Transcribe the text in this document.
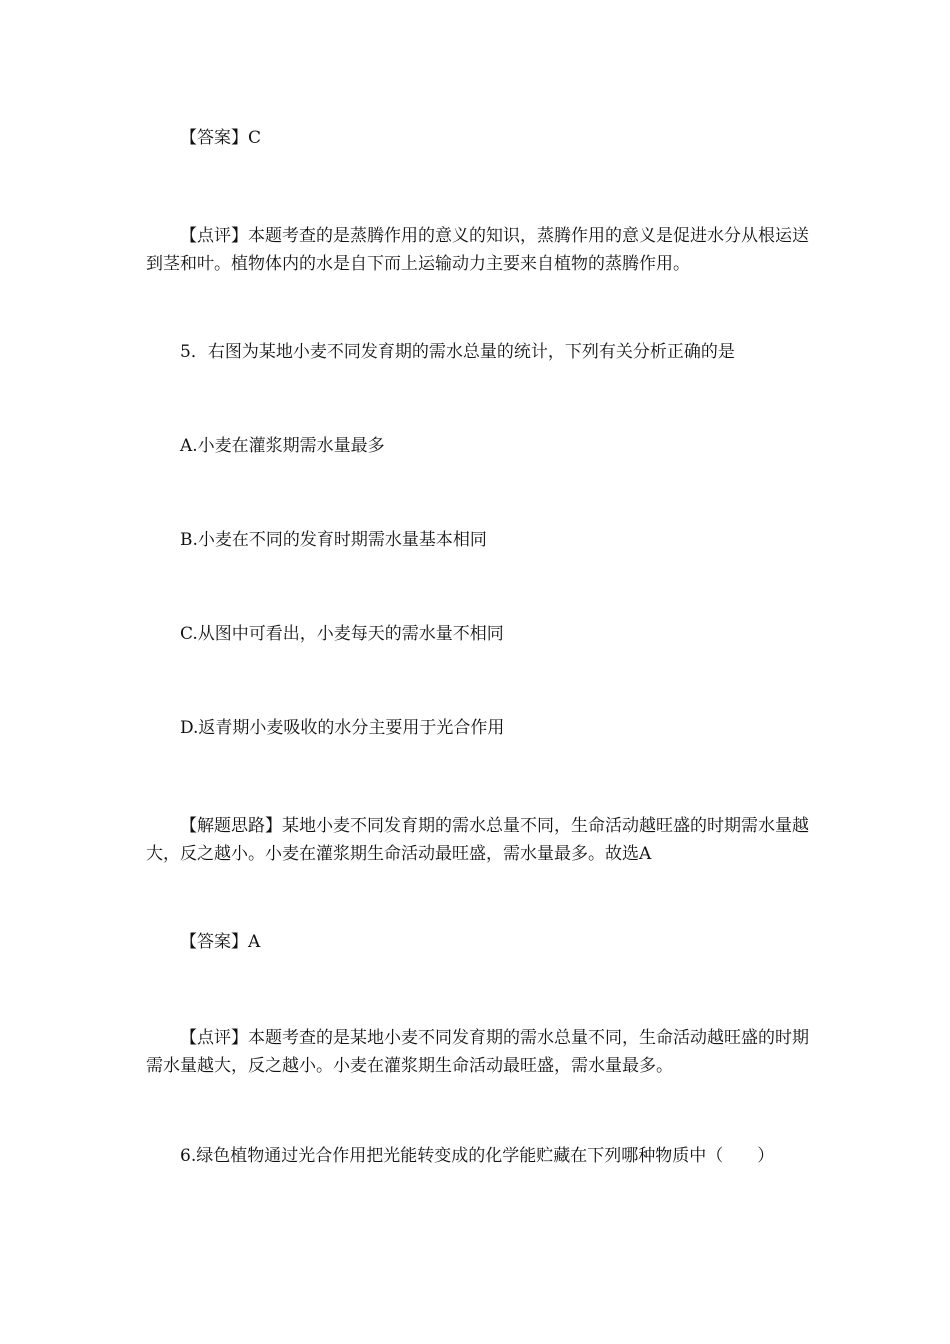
【答案】C

【点评】本题考查的是蒸腾作用的意义的知识，蒸腾作用的意义是促进水分从根运送到茎和叶。植物体内的水是自下而上运输动力主要来自植物的蒸腾作用。

5．右图为某地小麦不同发育期的需水总量的统计，下列有关分析正确的是

A.小麦在灌浆期需水量最多

B.小麦在不同的发育时期需水量基本相同

C.从图中可看出，小麦每天的需水量不相同

D.返青期小麦吸收的水分主要用于光合作用

【解题思路】某地小麦不同发育期的需水总量不同，生命活动越旺盛的时期需水量越大，反之越小。小麦在灌浆期生命活动最旺盛，需水量最多。故选A

【答案】A

【点评】本题考查的是某地小麦不同发育期的需水总量不同，生命活动越旺盛的时期需水量越大，反之越小。小麦在灌浆期生命活动最旺盛，需水量最多。

6.绿色植物通过光合作用把光能转变成的化学能贮藏在下列哪种物质中（　　）
